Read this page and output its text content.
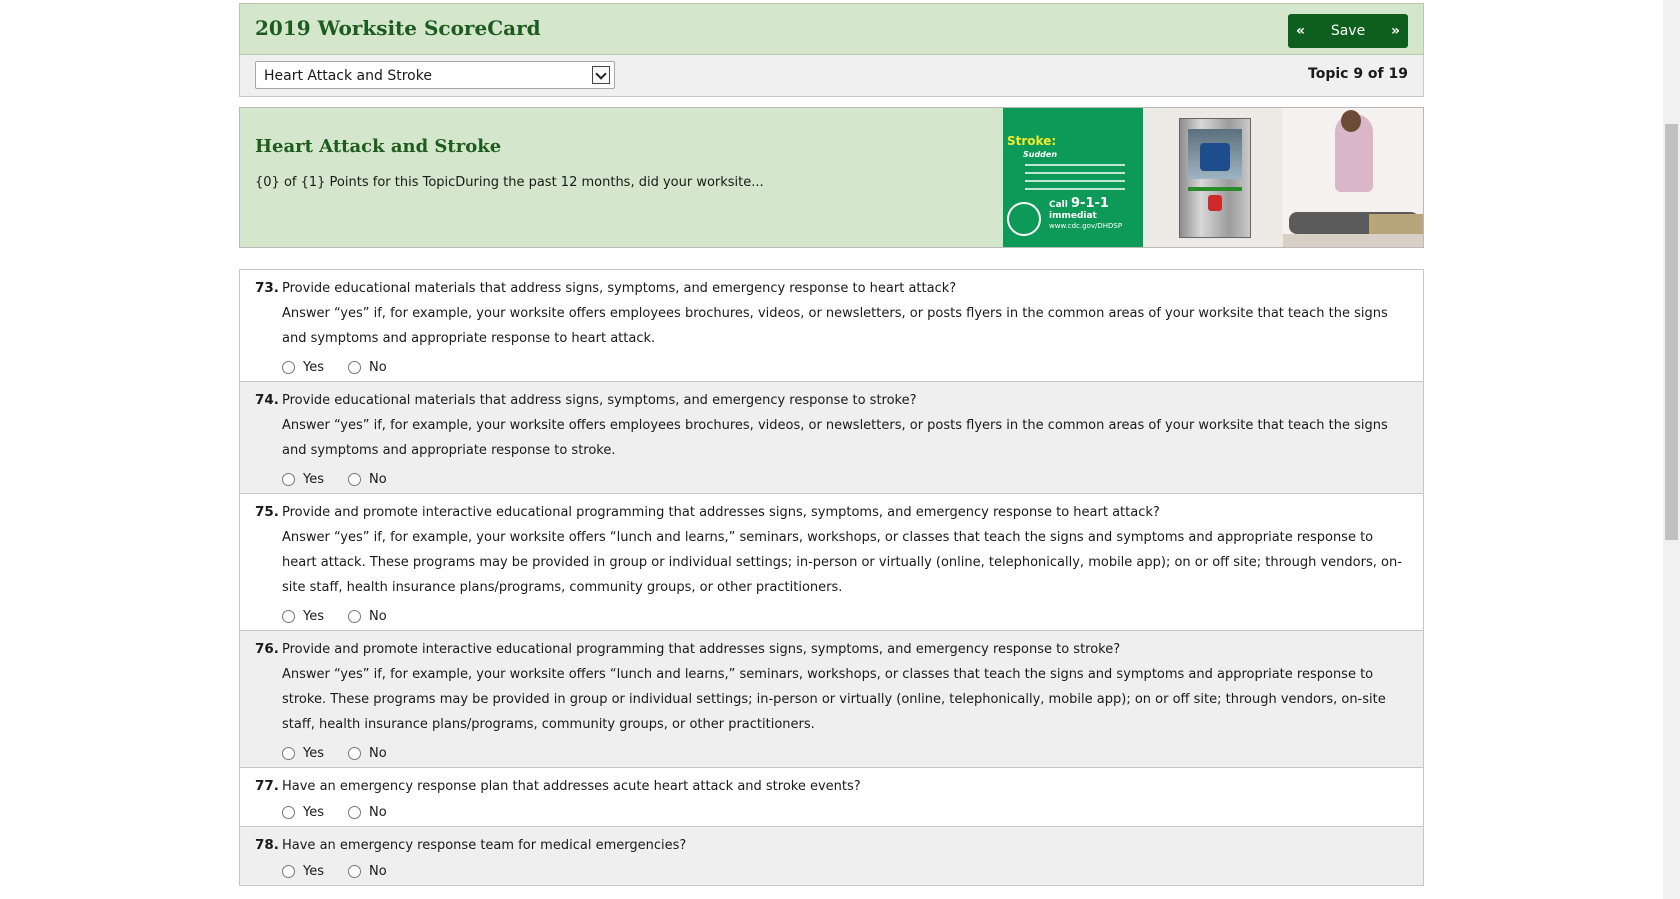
2019 Worksite ScoreCard	« Save »
Heart Attack and Stroke	Topic 9 of 19
Heart Attack and Stroke
{0} of {1} Points for this TopicDuring the past 12 months, did your worksite...
Stroke:
Sudden
Call 9-1-1 immediat
www.cdc.gov/DHDSP
73. Provide educational materials that address signs, symptoms, and emergency response to heart attack?
Answer “yes” if, for example, your worksite offers employees brochures, videos, or newsletters, or posts flyers in the common areas of your worksite that teach the signs and symptoms and appropriate response to heart attack.
Yes	No
74. Provide educational materials that address signs, symptoms, and emergency response to stroke?
Answer “yes” if, for example, your worksite offers employees brochures, videos, or newsletters, or posts flyers in the common areas of your worksite that teach the signs and symptoms and appropriate response to stroke.
Yes	No
75. Provide and promote interactive educational programming that addresses signs, symptoms, and emergency response to heart attack?
Answer “yes” if, for example, your worksite offers “lunch and learns,” seminars, workshops, or classes that teach the signs and symptoms and appropriate response to heart attack. These programs may be provided in group or individual settings; in-person or virtually (online, telephonically, mobile app); on or off site; through vendors, on-site staff, health insurance plans/programs, community groups, or other practitioners.
Yes	No
76. Provide and promote interactive educational programming that addresses signs, symptoms, and emergency response to stroke?
Answer “yes” if, for example, your worksite offers “lunch and learns,” seminars, workshops, or classes that teach the signs and symptoms and appropriate response to stroke. These programs may be provided in group or individual settings; in-person or virtually (online, telephonically, mobile app); on or off site; through vendors, on-site staff, health insurance plans/programs, community groups, or other practitioners.
Yes	No
77. Have an emergency response plan that addresses acute heart attack and stroke events?
Yes	No
78. Have an emergency response team for medical emergencies?
Yes	No
